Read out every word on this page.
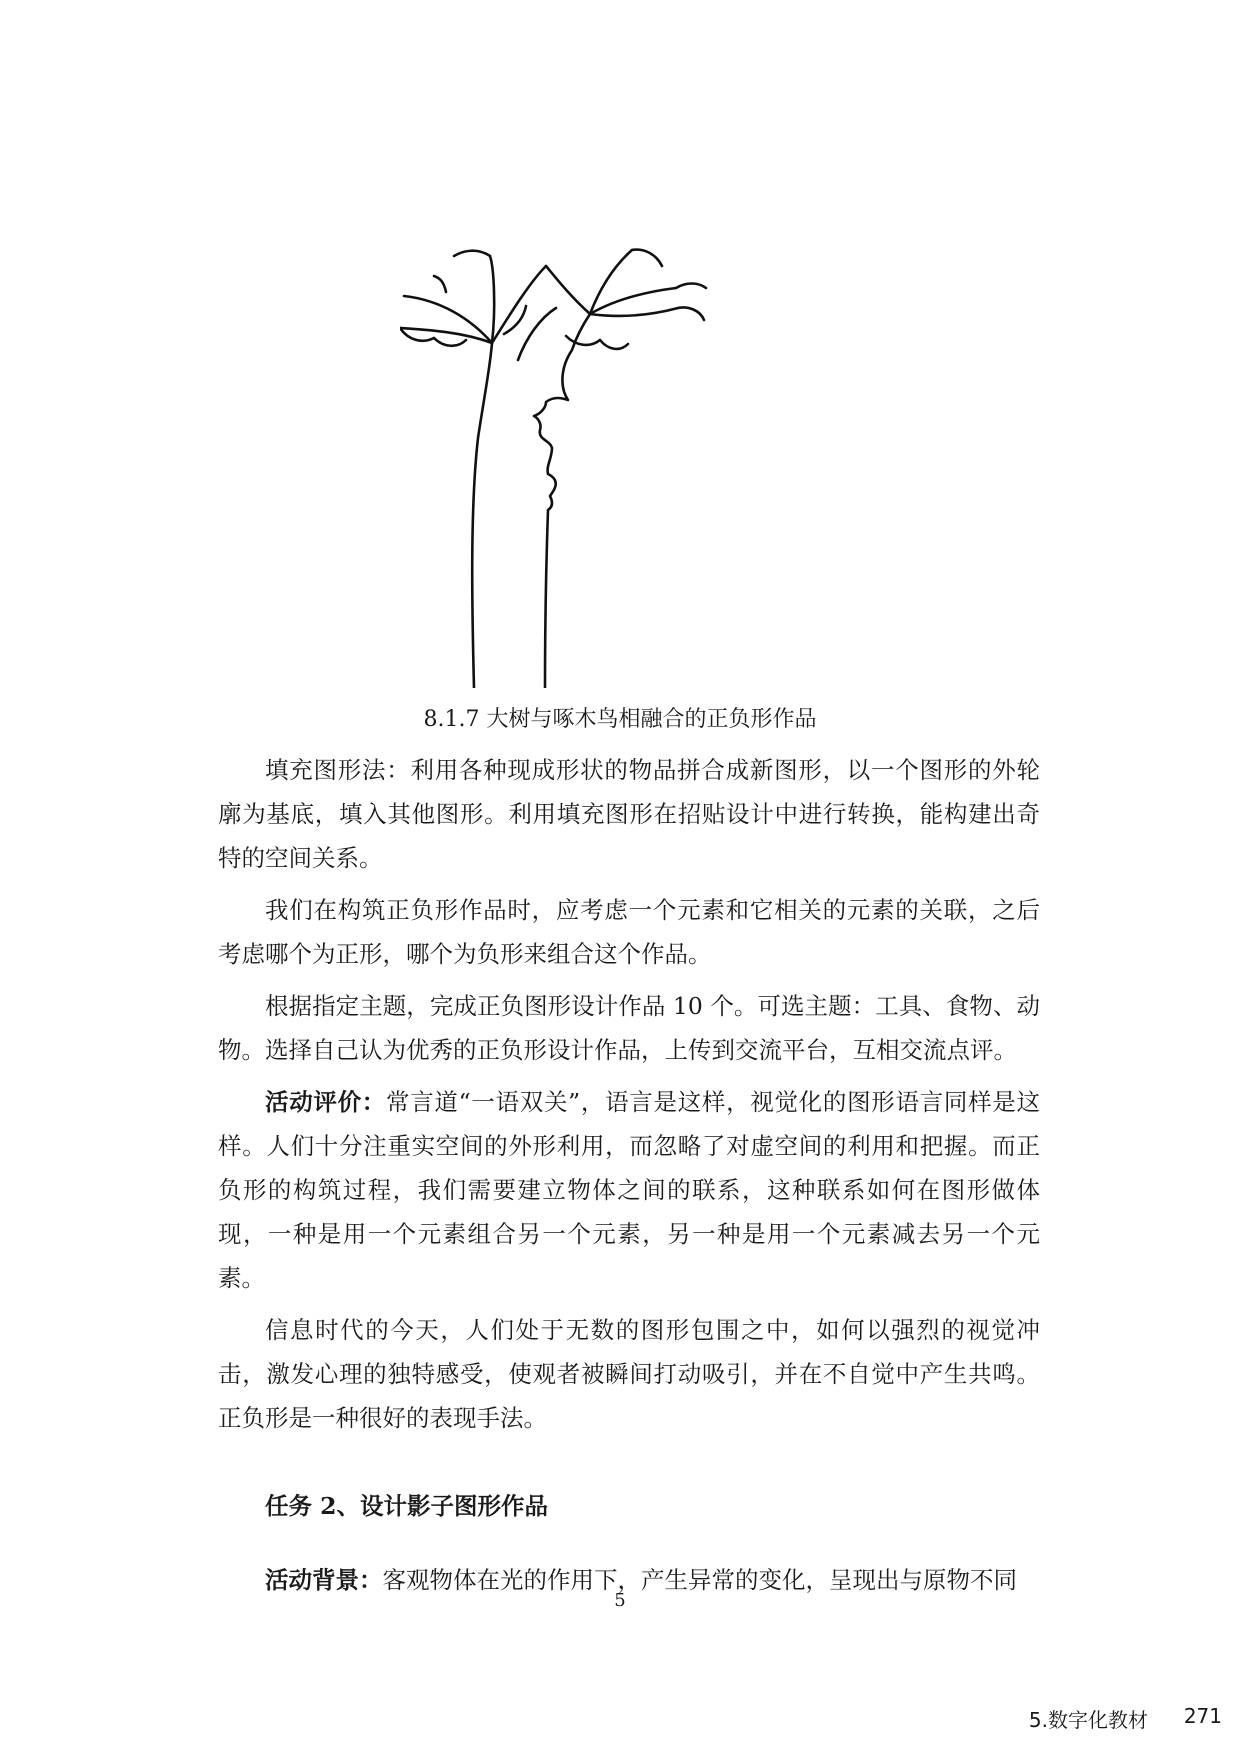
8.1.7 大树与啄木鸟相融合的正负形作品

填充图形法：利用各种现成形状的物品拼合成新图形，以一个图形的外轮廓为基底，填入其他图形。利用填充图形在招贴设计中进行转换，能构建出奇特的空间关系。

我们在构筑正负形作品时，应考虑一个元素和它相关的元素的关联，之后考虑哪个为正形，哪个为负形来组合这个作品。

根据指定主题，完成正负图形设计作品 10 个。可选主题：工具、食物、动物。选择自己认为优秀的正负形设计作品，上传到交流平台，互相交流点评。

活动评价：常言道“一语双关”，语言是这样，视觉化的图形语言同样是这样。人们十分注重实空间的外形利用，而忽略了对虚空间的利用和把握。而正负形的构筑过程，我们需要建立物体之间的联系，这种联系如何在图形做体现，一种是用一个元素组合另一个元素，另一种是用一个元素减去另一个元素。

信息时代的今天，人们处于无数的图形包围之中，如何以强烈的视觉冲击，激发心理的独特感受，使观者被瞬间打动吸引，并在不自觉中产生共鸣。正负形是一种很好的表现手法。

任务 2、设计影子图形作品

活动背景：客观物体在光的作用下，产生异常的变化，呈现出与原物不同

5
5.数字化教材 271
